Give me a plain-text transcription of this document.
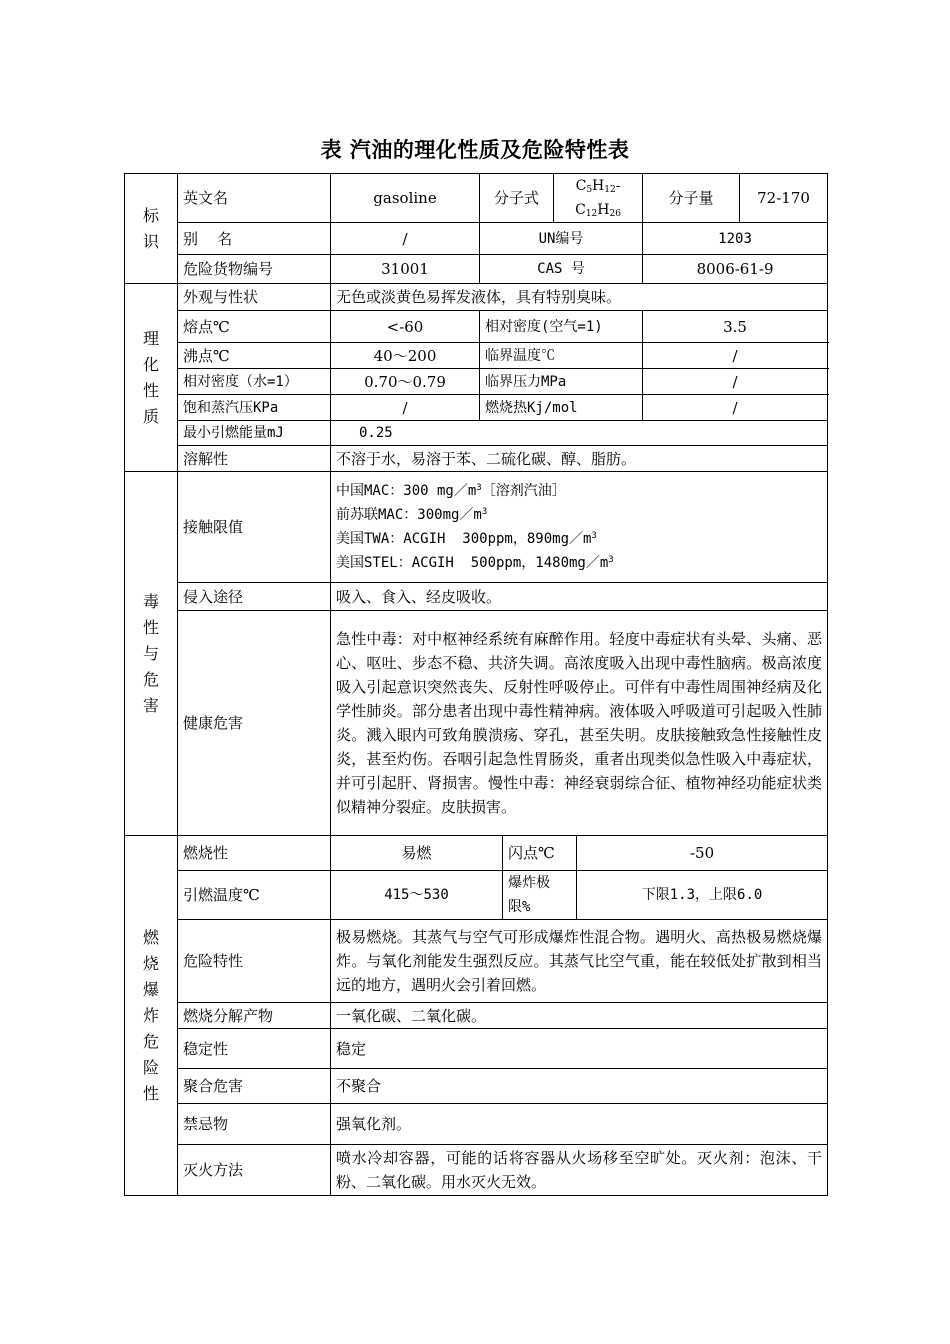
表 汽油的理化性质及危险特性表
标识	英文名	gasoline	分子式		$C_5H_{12}-C_{12}H_{26}$		分子量	72-170
	别    名	/	UN编号				1203	
	危险货物编号	31001	CAS 号				8006-61-9	
理化性质	外观与性状	无色或淡黄色易挥发液体，具有特别臭味。						
	熔点℃	<-60	相对密度(空气=1)				3.5	
	沸点℃	40～200	临界温度℃				/	
	相对密度（水=1）	0.70～0.79	临界压力MPa				/	
	饱和蒸汽压KPa	/	燃烧热Kj/mol				/	
	最小引燃能量mJ	0.25						
	溶解性	不溶于水，易溶于苯、二硫化碳、醇、脂肪。						
毒性与危害	接触限值	中国MAC：300 $mg/m^3[$溶剂汽油］
前苏联MAC：$300mg/m^3$
美国TWA：ACGIH  300ppm，$890mg/m^3$
美国STEL：ACGIH  500ppm，$1480mg/m^3$

	侵入途径	吸入、食入、经皮吸收。						
	健康危害	急性中毒：对中枢神经系统有麻醉作用。轻度中毒症状有头晕、头痛、恶心、呕吐、步态不稳、共济失调。高浓度吸入出现中毒性脑病。极高浓度吸入引起意识突然丧失、反射性呼吸停止。可伴有中毒性周围神经病及化学性肺炎。部分患者出现中毒性精神病。液体吸入呼吸道可引起吸入性肺炎。溅入眼内可致角膜溃疡、穿孔，甚至失明。皮肤接触致急性接触性皮炎，甚至灼伤。吞咽引起急性胃肠炎，重者出现类似急性吸入中毒症状，并可引起肝、肾损害。慢性中毒：神经衰弱综合征、植物神经功能症状类似精神分裂症。皮肤损害。						
燃烧爆炸危险性	燃烧性	易燃		闪点℃		-50		
	引燃温度℃	415～530		爆炸极限%		下限1.3，上限6.0		
	危险特性	极易燃烧。其蒸气与空气可形成爆炸性混合物。遇明火、高热极易燃烧爆炸。与氧化剂能发生强烈反应。其蒸气比空气重，能在较低处扩散到相当远的地方，遇明火会引着回燃。						
	燃烧分解产物	一氧化碳、二氧化碳。						
	稳定性	稳定						
	聚合危害	不聚合						
	禁忌物	强氧化剂。						
	灭火方法	喷水冷却容器，可能的话将容器从火场移至空旷处。灭火剂：泡沫、干粉、二氧化碳。用水灭火无效。						
